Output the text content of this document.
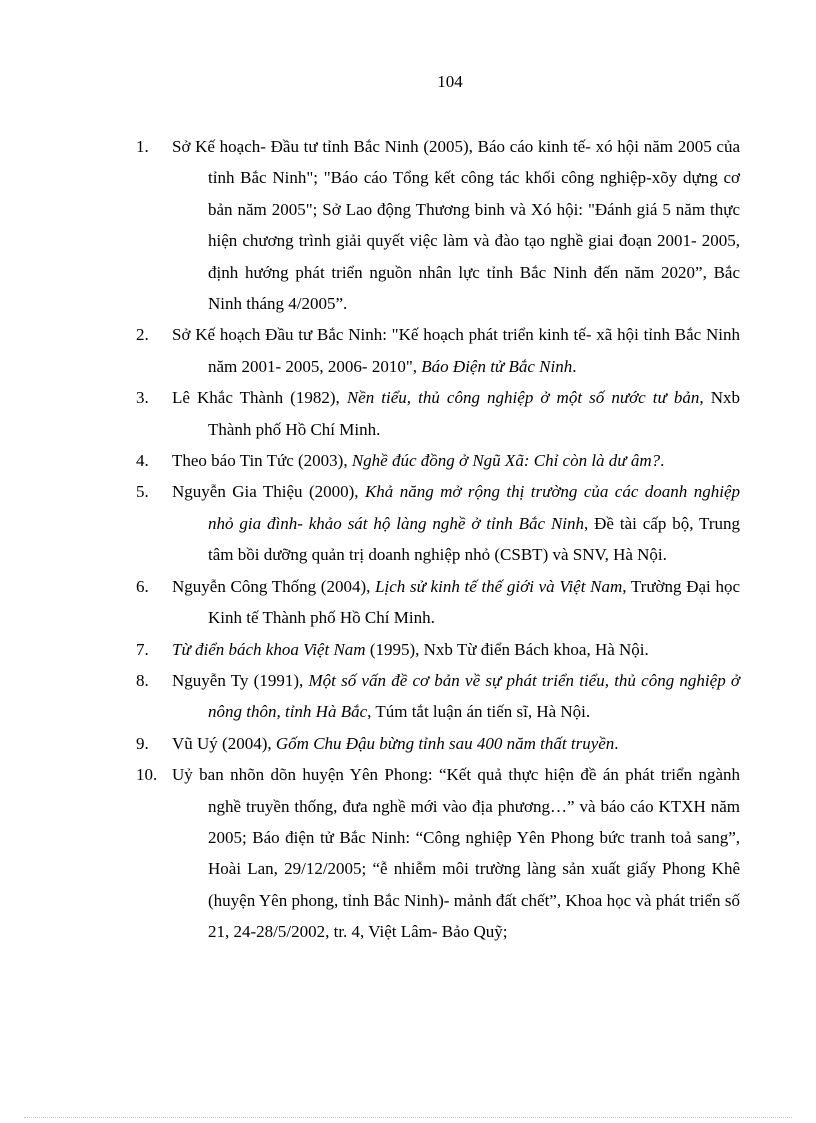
104
1.	Sở Kế hoạch- Đầu tư tỉnh Bắc Ninh (2005), Báo cáo kinh tế- xó hội năm 2005 của tỉnh Bắc Ninh"; "Báo cáo Tổng kết công tác khối công nghiệp-xõy dựng cơ bản năm 2005"; Sở Lao động Thương binh và Xó hội: "Đánh giá 5 năm thực hiện chương trình giải quyết việc làm và đào tạo nghề giai đoạn 2001- 2005, định hướng phát triển nguồn nhân lực tỉnh Bắc Ninh đến năm 2020”, Bắc Ninh tháng 4/2005”.
2.	Sở Kế hoạch Đầu tư Bắc Ninh: "Kế hoạch phát triển kinh tế- xã hội tỉnh Bắc Ninh năm 2001- 2005, 2006- 2010", Báo Điện tử Bắc Ninh.
3.	Lê Khắc Thành (1982), Nền tiểu, thủ công nghiệp ở một số nước tư bản, Nxb Thành phố Hồ Chí Minh.
4.	Theo báo Tin Tức (2003), Nghề đúc đồng ở Ngũ Xã: Chỉ còn là dư âm?.
5.	Nguyễn Gia Thiệu (2000), Khả năng mở rộng thị trường của các doanh nghiệp nhỏ gia đình- khảo sát hộ làng nghề ở tỉnh Bắc Ninh, Đề tài cấp bộ, Trung tâm bồi dưỡng quản trị doanh nghiệp nhỏ (CSBT) và SNV, Hà Nội.
6.	Nguyễn Công Thống (2004), Lịch sử kinh tế thế giới và Việt Nam, Trường Đại học Kinh tế Thành phố Hồ Chí Minh.
7.	Từ điển bách khoa Việt Nam (1995), Nxb Từ điển Bách khoa, Hà Nội.
8.	Nguyễn Ty (1991), Một số vấn đề cơ bản về sự phát triển tiểu, thủ công nghiệp ở nông thôn, tỉnh Hà Bắc, Túm tắt luận án tiến sĩ, Hà Nội.
9.	Vũ Uý (2004), Gốm Chu Đậu bừng tỉnh sau 400 năm thất truyền.
10. Uỷ ban nhõn dõn huyện Yên Phong: “Kết quả thực hiện đề án phát triển ngành nghề truyền thống, đưa nghề mới vào địa phương…” và báo cáo KTXH năm 2005; Báo điện tử Bắc Ninh: “Công nghiệp Yên Phong bức tranh toả sang”, Hoài Lan, 29/12/2005; “ễ nhiễm môi trường làng sản xuất giấy Phong Khê (huyện Yên phong, tỉnh Bắc Ninh)- mảnh đất chết”, Khoa học và phát triển số 21, 24-28/5/2002, tr. 4, Việt Lâm- Bảo Quỹ;
